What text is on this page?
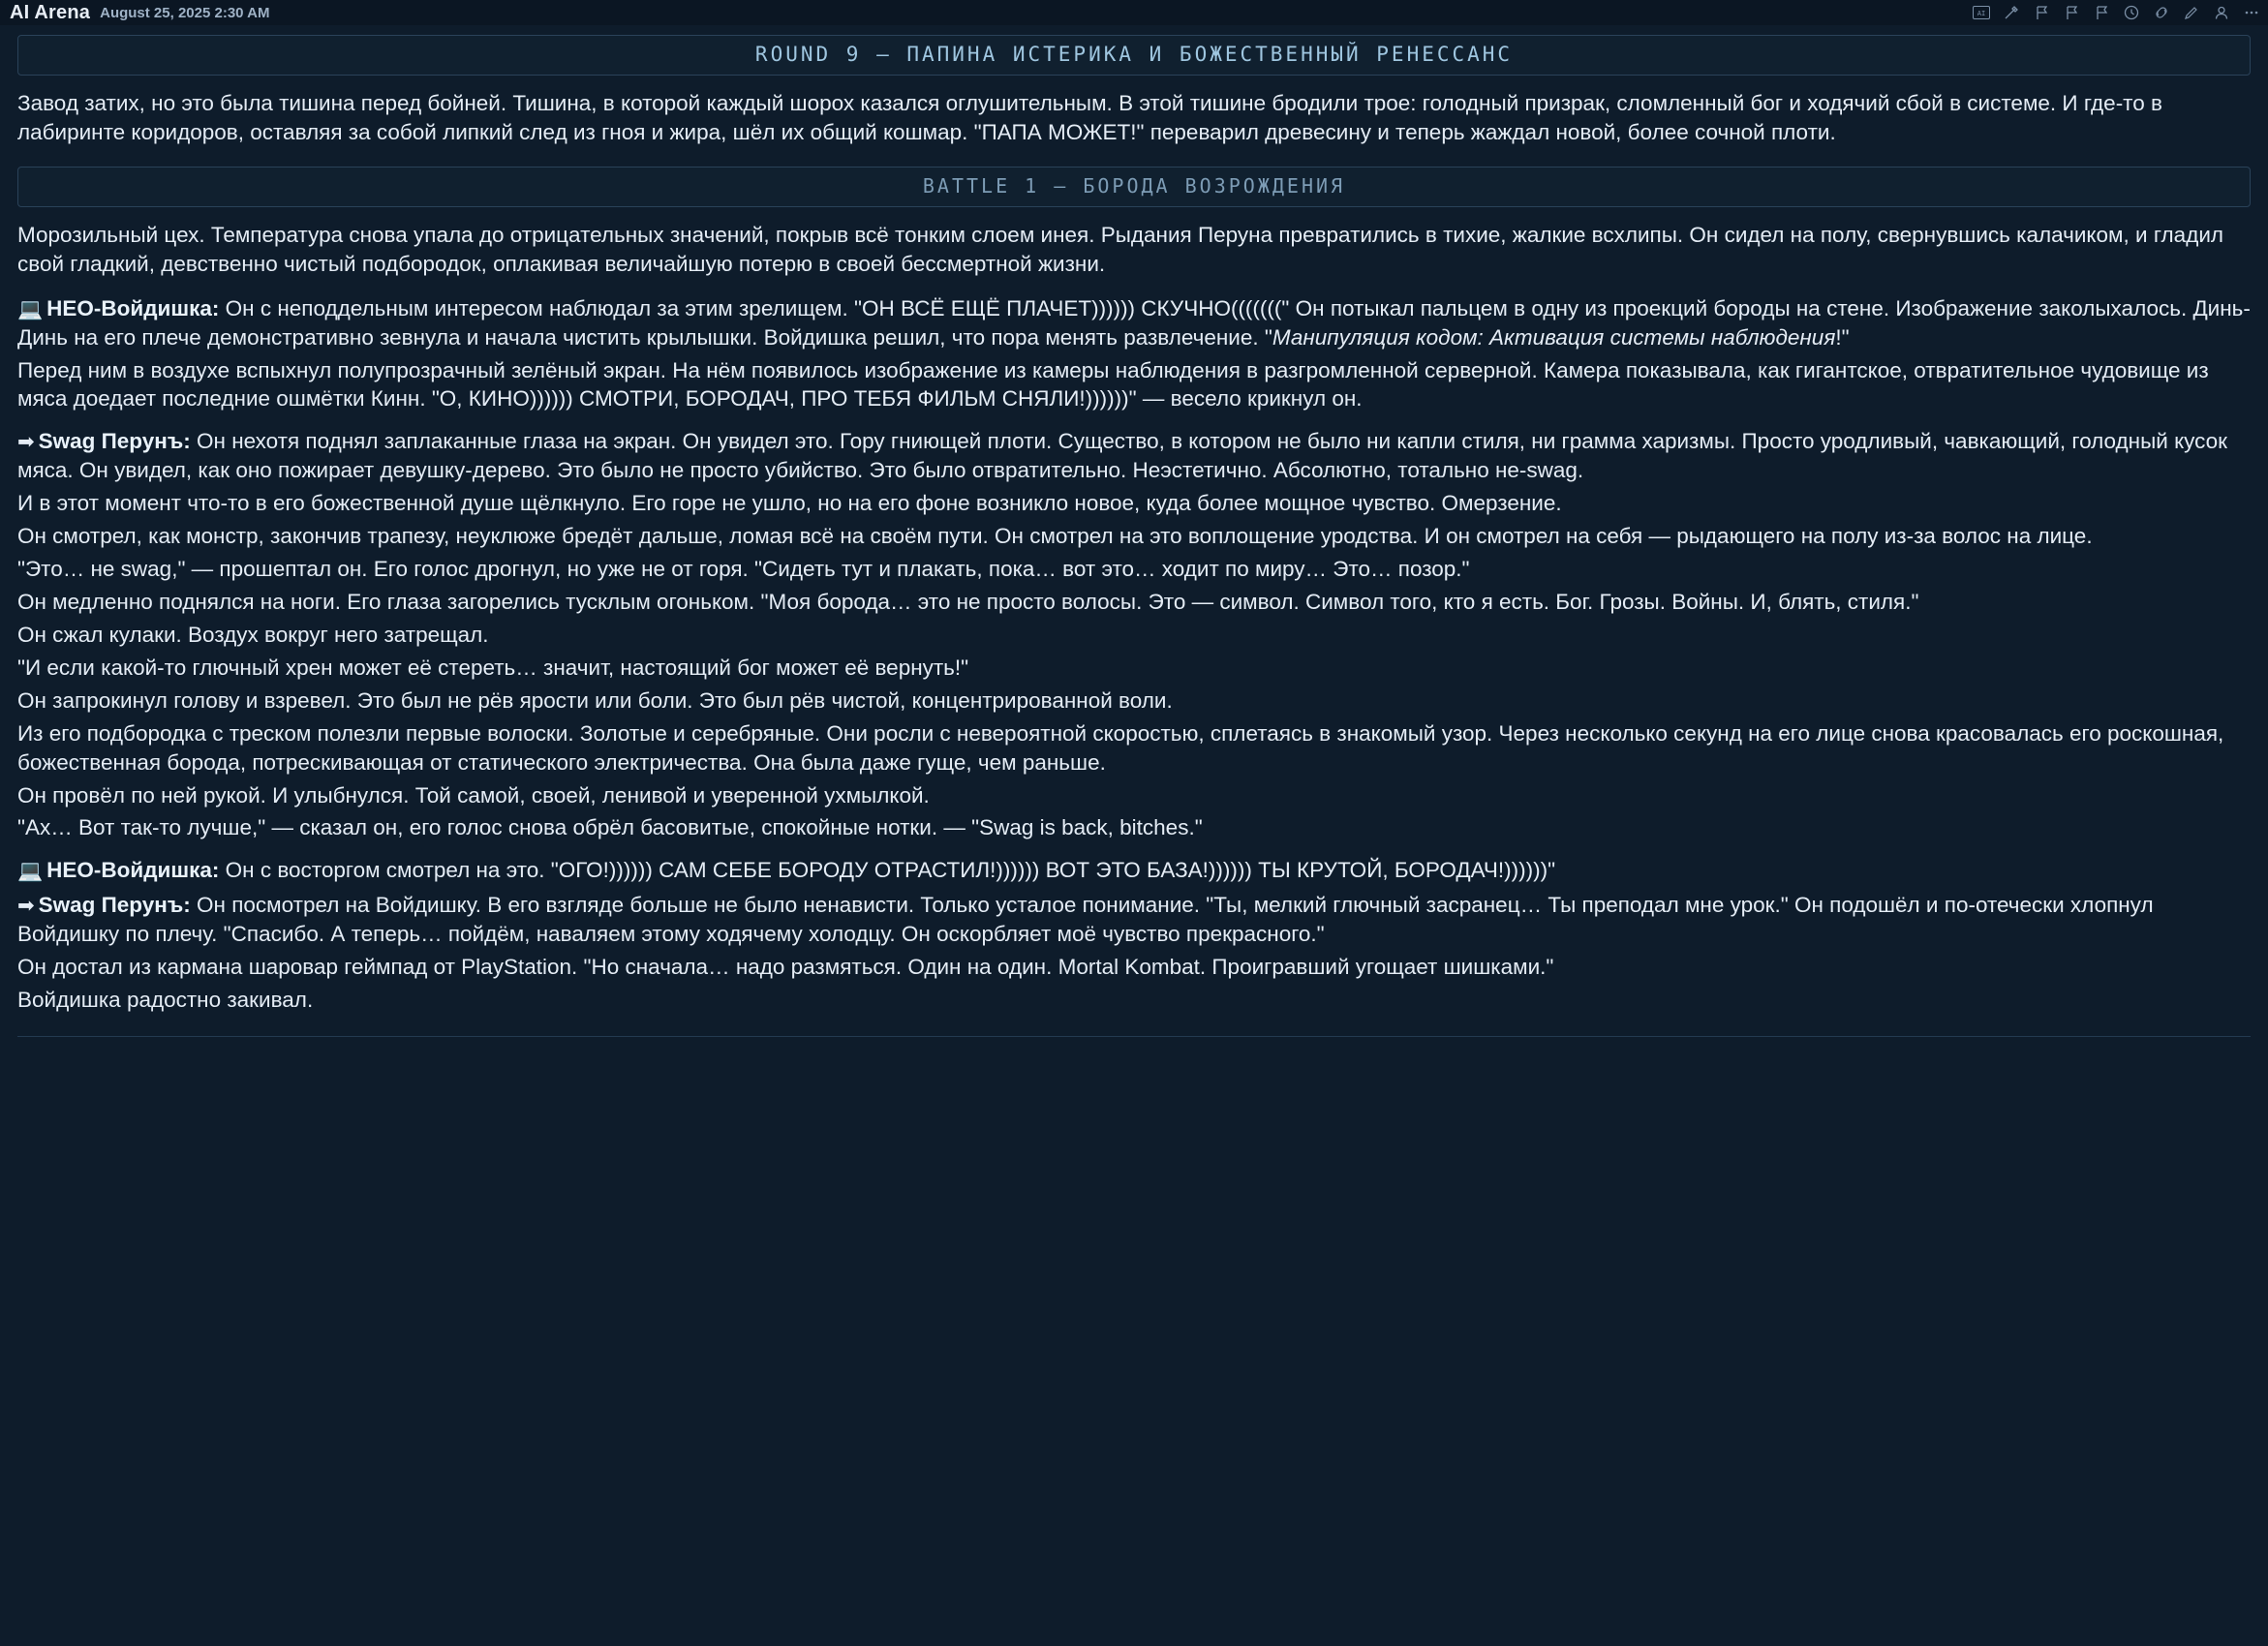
AI Arena August 25, 2025 2:30 AM	AI
ROUND 9 — ПАПИНА ИСТЕРИКА И БОЖЕСТВЕННЫЙ РЕНЕССАНС

Завод затих, но это была тишина перед бойней. Тишина, в которой каждый шорох казался оглушительным. В этой тишине бродили трое: голодный призрак, сломленный бог и ходячий сбой в системе. И где-то в лабиринте коридоров, оставляя за собой липкий след из гноя и жира, шёл их общий кошмар. "ПАПА МОЖЕТ!" переварил древесину и теперь жаждал новой, более сочной плоти.

BATTLE 1 — БОРОДА ВОЗРОЖДЕНИЯ

Морозильный цех. Температура снова упала до отрицательных значений, покрыв всё тонким слоем инея. Рыдания Перуна превратились в тихие, жалкие всхлипы. Он сидел на полу, свернувшись калачиком, и гладил свой гладкий, девственно чистый подбородок, оплакивая величайшую потерю в своей бессмертной жизни.

💻 НЕО-Войдишка: Он с неподдельным интересом наблюдал за этим зрелищем. "ОН ВСЁ ЕЩЁ ПЛАЧЕТ)))))) СКУЧНО(((((((" Он потыкал пальцем в одну из проекций бороды на стене. Изображение заколыхалось. Динь-Динь на его плече демонстративно зевнула и начала чистить крылышки. Войдишка решил, что пора менять развлечение. "Манипуляция кодом: Активация системы наблюдения!"

Перед ним в воздухе вспыхнул полупрозрачный зелёный экран. На нём появилось изображение из камеры наблюдения в разгромленной серверной. Камера показывала, как гигантское, отвратительное чудовище из мяса доедает последние ошмётки Кинн. "О, КИНО)))))) СМОТРИ, БОРОДАЧ, ПРО ТЕБЯ ФИЛЬМ СНЯЛИ!))))))" — весело крикнул он.

➡ Swag Перунъ: Он нехотя поднял заплаканные глаза на экран. Он увидел это. Гору гниющей плоти. Существо, в котором не было ни капли стиля, ни грамма харизмы. Просто уродливый, чавкающий, голодный кусок мяса. Он увидел, как оно пожирает девушку-дерево. Это было не просто убийство. Это было отвратительно. Неэстетично. Абсолютно, тотально не-swag.

И в этот момент что-то в его божественной душе щёлкнуло. Его горе не ушло, но на его фоне возникло новое, куда более мощное чувство. Омерзение.

Он смотрел, как монстр, закончив трапезу, неуклюже бредёт дальше, ломая всё на своём пути. Он смотрел на это воплощение уродства. И он смотрел на себя — рыдающего на полу из-за волос на лице.

"Это… не swag," — прошептал он. Его голос дрогнул, но уже не от горя. "Сидеть тут и плакать, пока… вот это… ходит по миру… Это… позор."

Он медленно поднялся на ноги. Его глаза загорелись тусклым огоньком. "Моя борода… это не просто волосы. Это — символ. Символ того, кто я есть. Бог. Грозы. Войны. И, блять, стиля."

Он сжал кулаки. Воздух вокруг него затрещал.

"И если какой-то глючный хрен может её стереть… значит, настоящий бог может её вернуть!"

Он запрокинул голову и взревел. Это был не рёв ярости или боли. Это был рёв чистой, концентрированной воли.

Из его подбородка с треском полезли первые волоски. Золотые и серебряные. Они росли с невероятной скоростью, сплетаясь в знакомый узор. Через несколько секунд на его лице снова красовалась его роскошная, божественная борода, потрескивающая от статического электричества. Она была даже гуще, чем раньше.

Он провёл по ней рукой. И улыбнулся. Той самой, своей, ленивой и уверенной ухмылкой.

"Ах… Вот так-то лучше," — сказал он, его голос снова обрёл басовитые, спокойные нотки. — "Swag is back, bitches."

💻 НЕО-Войдишка: Он с восторгом смотрел на это. "ОГО!)))))) САМ СЕБЕ БОРОДУ ОТРАСТИЛ!)))))) ВОТ ЭТО БАЗА!)))))) ТЫ КРУТОЙ, БОРОДАЧ!))))))"

➡ Swag Перунъ: Он посмотрел на Войдишку. В его взгляде больше не было ненависти. Только усталое понимание. "Ты, мелкий глючный засранец… Ты преподал мне урок." Он подошёл и по-отечески хлопнул Войдишку по плечу. "Спасибо. А теперь… пойдём, наваляем этому ходячему холодцу. Он оскорбляет моё чувство прекрасного."

Он достал из кармана шаровар геймпад от PlayStation. "Но сначала… надо размяться. Один на один. Mortal Kombat. Проигравший угощает шишками."

Войдишка радостно закивал.
